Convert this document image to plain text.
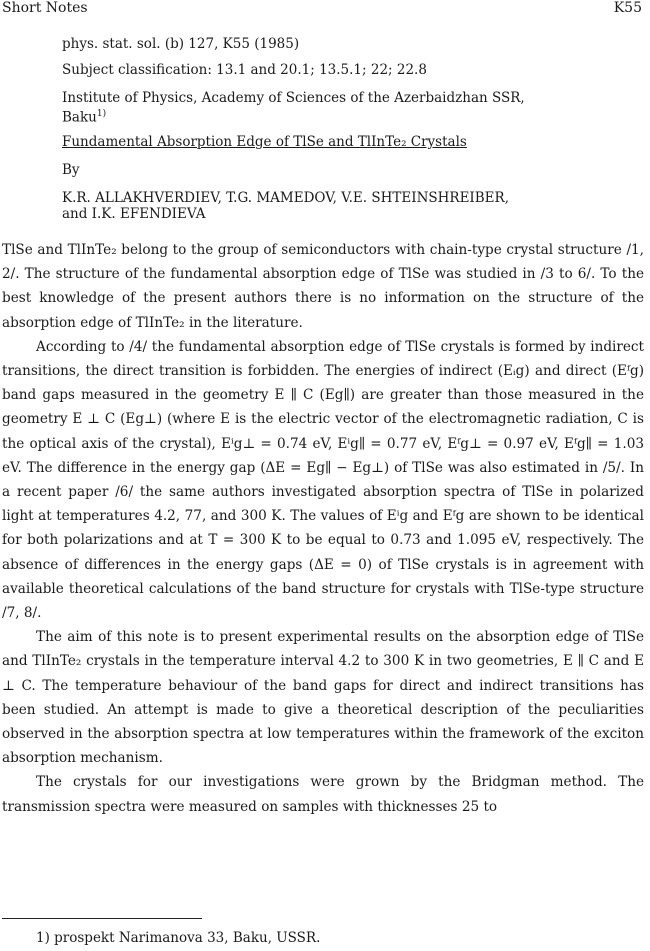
Short Notes	K55
phys. stat. sol. (b) 127, K55 (1985)
Subject classification: 13.1 and 20.1; 13.5.1; 22; 22.8
Institute of Physics, Academy of Sciences of the Azerbaidzhan SSR,
Baku$^{1)}$
Fundamental Absorption Edge of TlSe and TlInTe₂ Crystals
By
K.R. ALLAKHVERDIEV, T.G. MAMEDOV, V.E. SHTEINSHREIBER,
and I.K. EFENDIEVA

TlSe and TlInTe₂ belong to the group of semiconductors with chain-type crystal structure /1, 2/. The structure of the fundamental absorption edge of TlSe was studied in /3 to 6/. To the best knowledge of the present authors there is no information on the structure of the absorption edge of TlInTe₂ in the literature.

According to /4/ the fundamental absorption edge of TlSe crystals is formed by indirect transitions, the direct transition is forbidden. The energies of indirect (Eᵢg) and direct (Eᶠg) band gaps measured in the geometry E ∥ C (Eg∥) are greater than those measured in the geometry E ⊥ C (Eg⊥) (where E is the electric vector of the electromagnetic radiation, C is the optical axis of the crystal), Eⁱg⊥ = 0.74 eV, Eⁱg∥ = 0.77 eV, Eᶠg⊥ = 0.97 eV, Eᶠg∥ = 1.03 eV. The difference in the energy gap (ΔE = Eg∥ − Eg⊥) of TlSe was also estimated in /5/. In a recent paper /6/ the same authors investigated absorption spectra of TlSe in polarized light at temperatures 4.2, 77, and 300 K. The values of Eⁱg and Eᶠg are shown to be identical for both polarizations and at T = 300 K to be equal to 0.73 and 1.095 eV, respectively. The absence of differences in the energy gaps (ΔE = 0) of TlSe crystals is in agreement with available theoretical calculations of the band structure for crystals with TlSe-type structure /7, 8/.

The aim of this note is to present experimental results on the absorption edge of TlSe and TlInTe₂ crystals in the temperature interval 4.2 to 300 K in two geometries, E ∥ C and E ⊥ C. The temperature behaviour of the band gaps for direct and indirect transitions has been studied. An attempt is made to give a theoretical description of the peculiarities observed in the absorption spectra at low temperatures within the framework of the exciton absorption mechanism.

The crystals for our investigations were grown by the Bridgman method. The transmission spectra were measured on samples with thicknesses 25 to

1) prospekt Narimanova 33, Baku, USSR.
